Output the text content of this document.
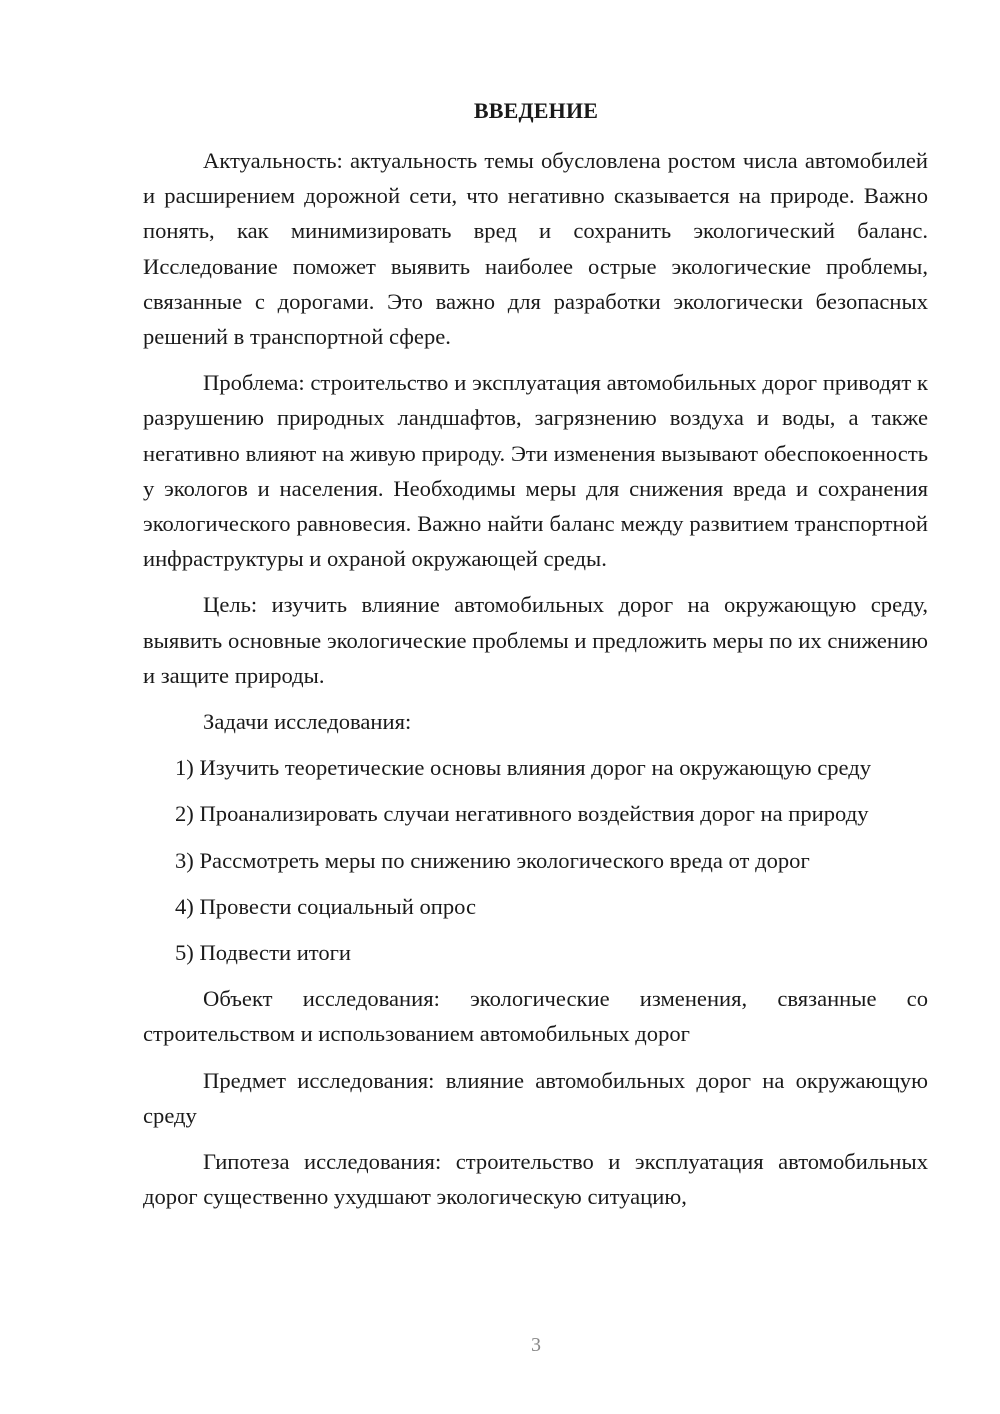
ВВЕДЕНИЕ

Актуальность: актуальность темы обусловлена ростом числа автомобилей и расширением дорожной сети, что негативно сказывается на природе. Важно понять, как минимизировать вред и сохранить экологический баланс. Исследование поможет выявить наиболее острые экологические проблемы, связанные с дорогами. Это важно для разработки экологически безопасных решений в транспортной сфере.

Проблема: строительство и эксплуатация автомобильных дорог приводят к разрушению природных ландшафтов, загрязнению воздуха и воды, а также негативно влияют на живую природу. Эти изменения вызывают обеспокоенность у экологов и населения. Необходимы меры для снижения вреда и сохранения экологического равновесия. Важно найти баланс между развитием транспортной инфраструктуры и охраной окружающей среды.

Цель: изучить влияние автомобильных дорог на окружающую среду, выявить основные экологические проблемы и предложить меры по их снижению и защите природы.

Задачи исследования:

1) Изучить теоретические основы влияния дорог на окружающую среду

2) Проанализировать случаи негативного воздействия дорог на природу

3) Рассмотреть меры по снижению экологического вреда от дорог

4) Провести социальный опрос

5) Подвести итоги

Объект исследования: экологические изменения, связанные со строительством и использованием автомобильных дорог

Предмет исследования: влияние автомобильных дорог на окружающую среду

Гипотеза исследования: строительство и эксплуатация автомобильных дорог существенно ухудшают экологическую ситуацию,

3
